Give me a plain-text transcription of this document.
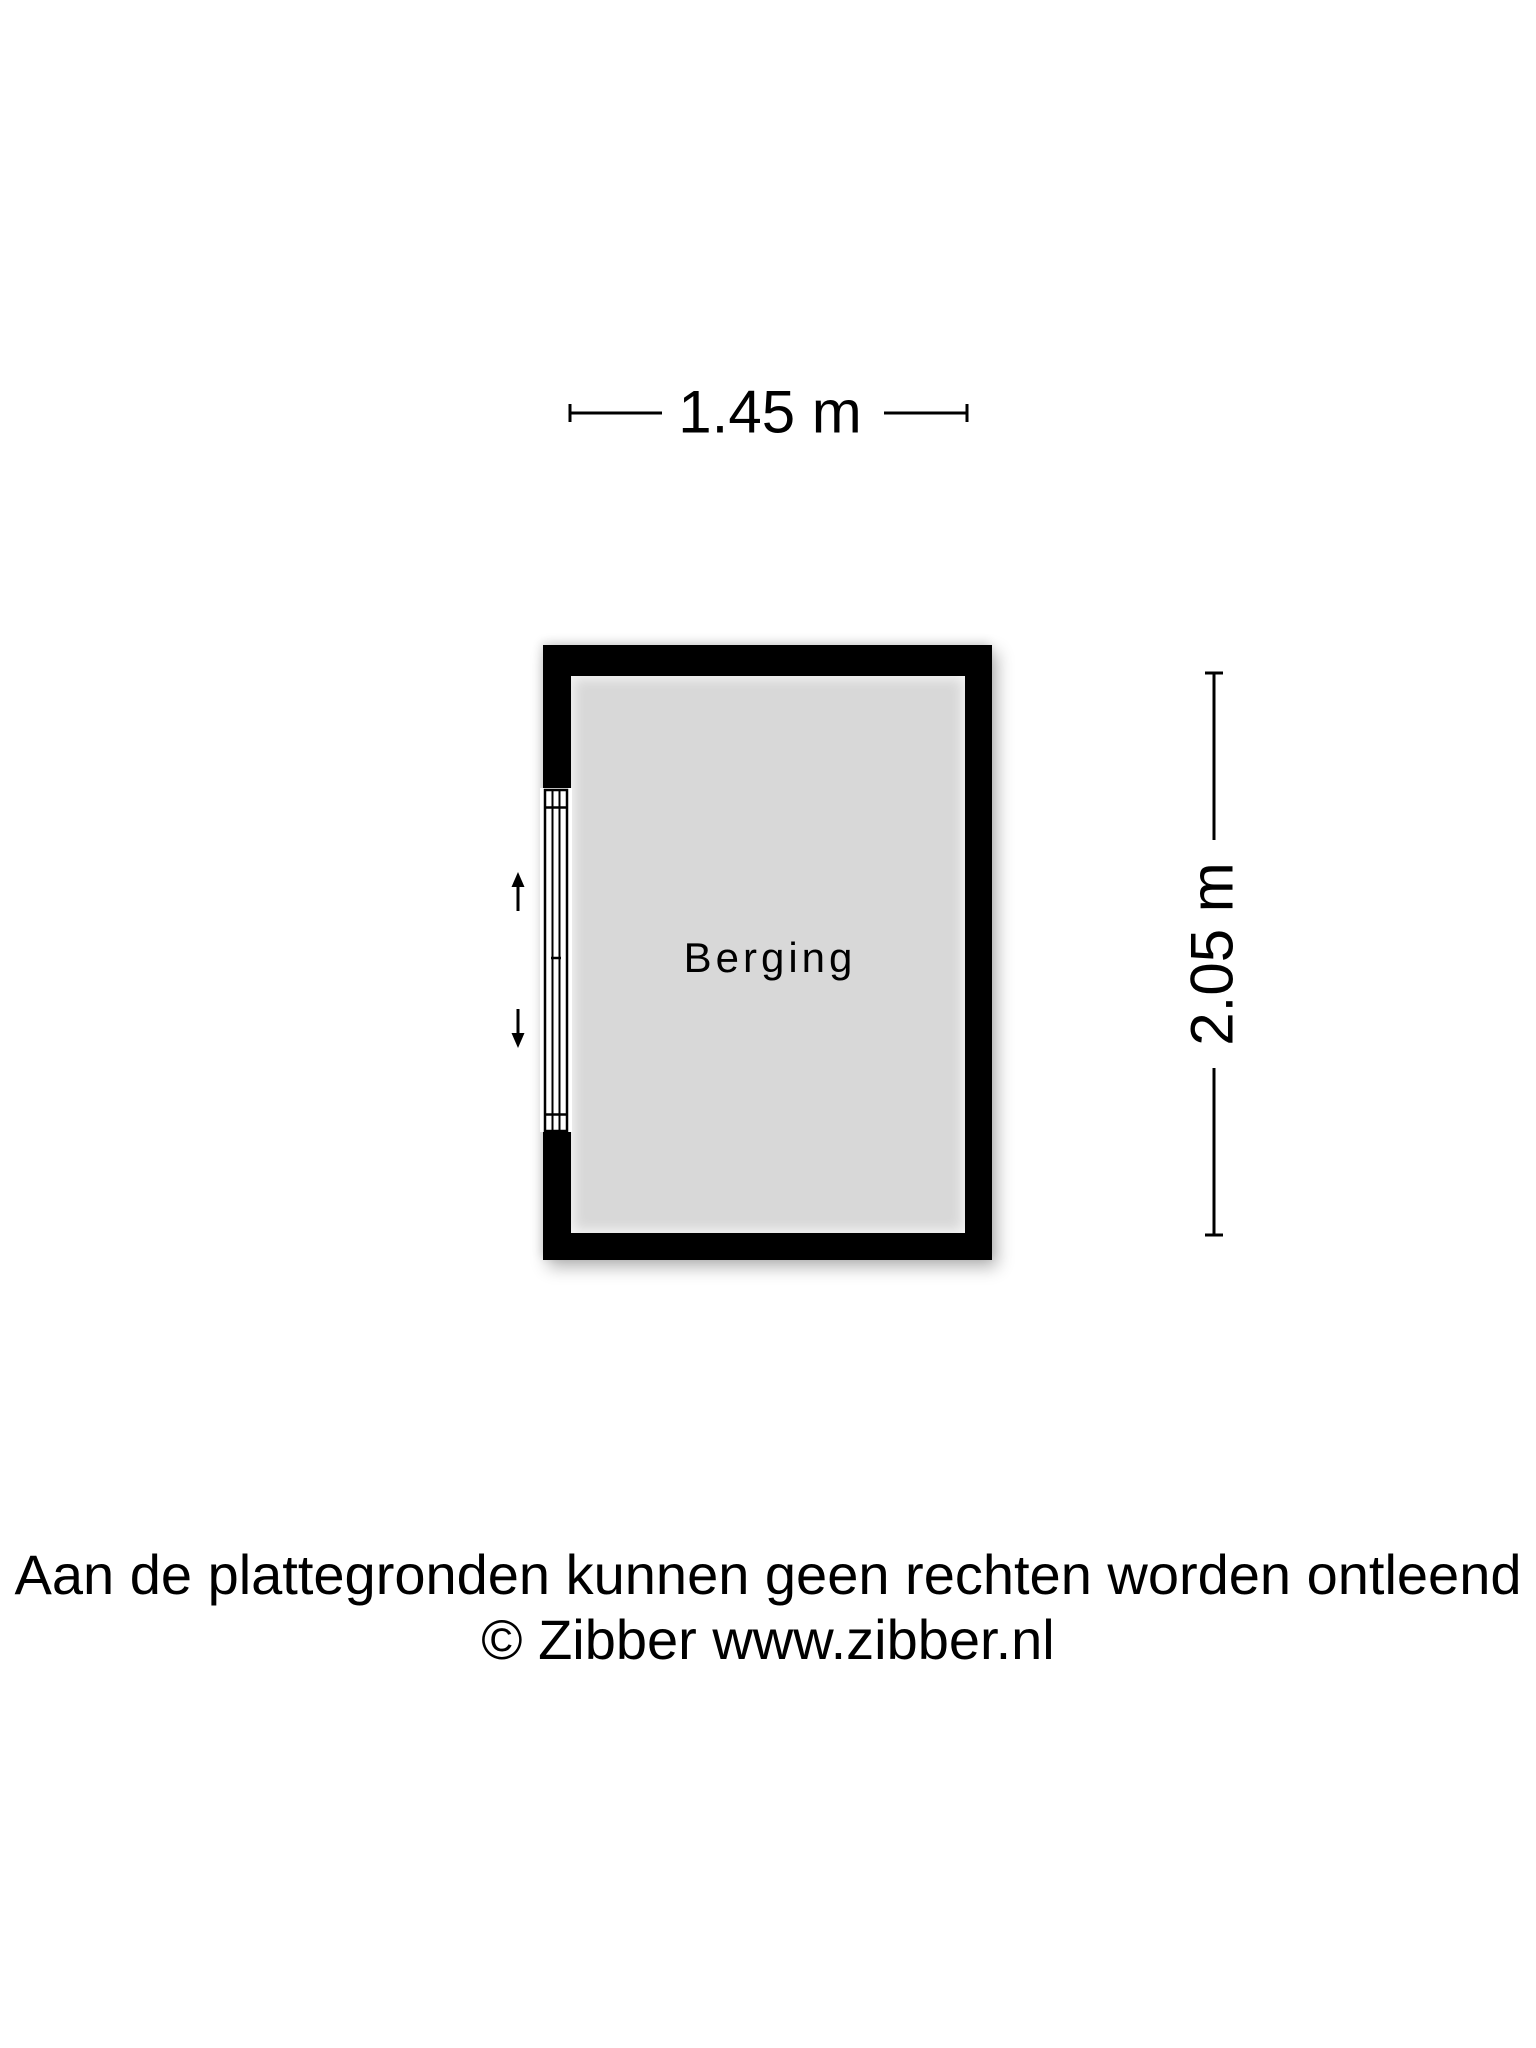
1.45 m
2.05 m
Berging
Aan de plattegronden kunnen geen rechten worden ontleend
© Zibber www.zibber.nl
